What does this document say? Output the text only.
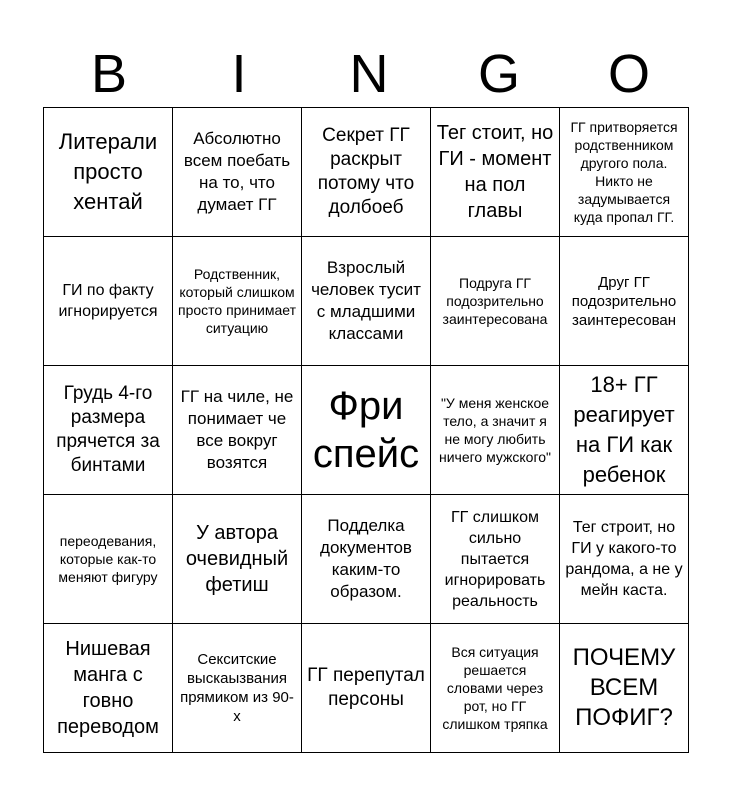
B	I	N	G	O
Литерали просто хентай	Абсолютно всем поебать на то, что думает ГГ	Секрет ГГ раскрыт потому что долбоеб	Тег стоит, но ГИ - момент на пол главы	ГГ притворяется родственником другого пола. Никто не задумывается куда пропал ГГ.

ГИ по факту игнорируется	Родственник, который слишком просто принимает ситуацию	Взрослый человек тусит с младшими классами	Подруга ГГ подозрительно заинтересована	Друг ГГ подозрительно заинтересован

Грудь 4-го размера прячется за бинтами	ГГ на чиле, не понимает че все вокруг возятся	Фри спейс	"У меня женское тело, а значит я не могу любить ничего мужского"	18+ ГГ реагирует на ГИ как ребенок

переодевания, которые как-то меняют фигуру	У автора очевидный фетиш	Подделка документов каким-то образом.	ГГ слишком сильно пытается игнорировать реальность	Тег строит, но ГИ у какого-то рандома, а не у мейн каста.

Нишевая манга с говно переводом	Секситские выскаызвания прямиком из 90-х	ГГ перепутал персоны	Вся ситуация решается словами через рот, но ГГ слишком тряпка	ПОЧЕМУ ВСЕМ ПОФИГ?
